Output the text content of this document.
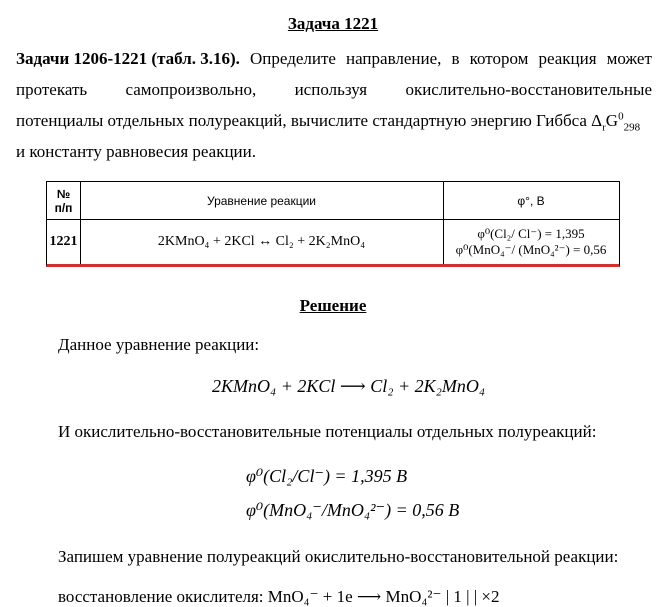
Задача 1221
Задачи 1206-1221 (табл. 3.16). Определите направление, в котором реакция может
протекать самопроизвольно, используя окислительно-восстановительные
потенциалы отдельных полуреакций, вычислите стандартную энергию Гиббса $\Delta_rG^0_{298}$
и константу равновесия реакции.
№ п/п	Уравнение реакции	φ°, В
1221	2KMnO₄ + 2KCl ↔ Cl₂ + 2K₂MnO₄
φ⁰(Cl₂/ Cl⁻) = 1,395
φ⁰(MnO₄⁻/ (MnO₄²⁻) = 0,56
Решение
Данное уравнение реакции:
2KMnO₄ + 2KCl ⟶ Cl₂ + 2K₂MnO₄
И окислительно-восстановительные потенциалы отдельных полуреакций:
φ⁰(Cl₂/Cl⁻) = 1,395 В
φ⁰(MnO₄⁻/MnO₄²⁻) = 0,56 В
Запишем уравнение полуреакций окислительно-восстановительной реакции:
восстановление окислителя: MnO₄⁻ + 1e ⟶ MnO₄²⁻ | 1 | | ×2
